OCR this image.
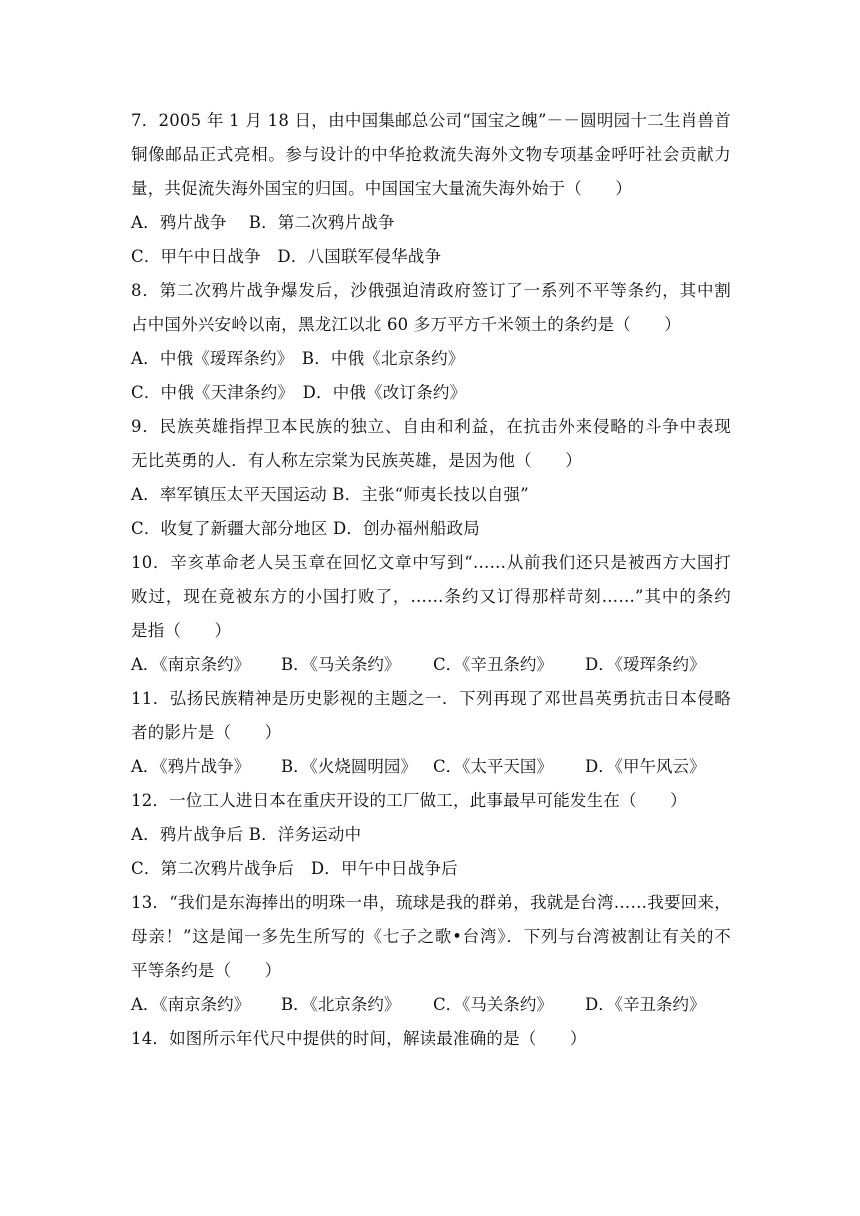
7．2005 年 1 月 18 日，由中国集邮总公司“国宝之魄”－－圆明园十二生肖兽首
铜像邮品正式亮相。参与设计的中华抢救流失海外文物专项基金呼吁社会贡献力
量，共促流失海外国宝的归国。中国国宝大量流失海外始于（　　）
A．鸦片战争　 B．第二次鸦片战争
C．甲午中日战争　D．八国联军侵华战争
8．第二次鸦片战争爆发后，沙俄强迫清政府签订了一系列不平等条约，其中割
占中国外兴安岭以南，黑龙江以北 60 多万平方千米领土的条约是（　　）
A．中俄《瑷珲条约》　B．中俄《北京条约》
C．中俄《天津条约》　D．中俄《改订条约》
9．民族英雄指捍卫本民族的独立、自由和利益，在抗击外来侵略的斗争中表现
无比英勇的人．有人称左宗棠为民族英雄，是因为他（　　）
A．率军镇压太平天国运动 B．主张“师夷长技以自强”
C．收复了新疆大部分地区 D．创办福州船政局
10．辛亥革命老人吴玉章在回忆文章中写到“……从前我们还只是被西方大国打
败过，现在竟被东方的小国打败了，……条约又订得那样苛刻……”其中的条约
是指（　　）
A．《南京条约》 B．《马关条约》 C．《辛丑条约》 D．《瑷珲条约》
11．弘扬民族精神是历史影视的主题之一．下列再现了邓世昌英勇抗击日本侵略
者的影片是（　　）
A．《鸦片战争》 B．《火烧圆明园》 C．《太平天国》 D．《甲午风云》
12．一位工人进日本在重庆开设的工厂做工，此事最早可能发生在（　　）
A．鸦片战争后 B．洋务运动中
C．第二次鸦片战争后　D．甲午中日战争后
13．“我们是东海捧出的明珠一串，琉球是我的群弟，我就是台湾……我要回来，
母亲！”这是闻一多先生所写的《七子之歌•台湾》．下列与台湾被割让有关的不
平等条约是（　　）
A．《南京条约》 B．《北京条约》 C．《马关条约》 D．《辛丑条约》
14．如图所示年代尺中提供的时间，解读最准确的是（　　）
